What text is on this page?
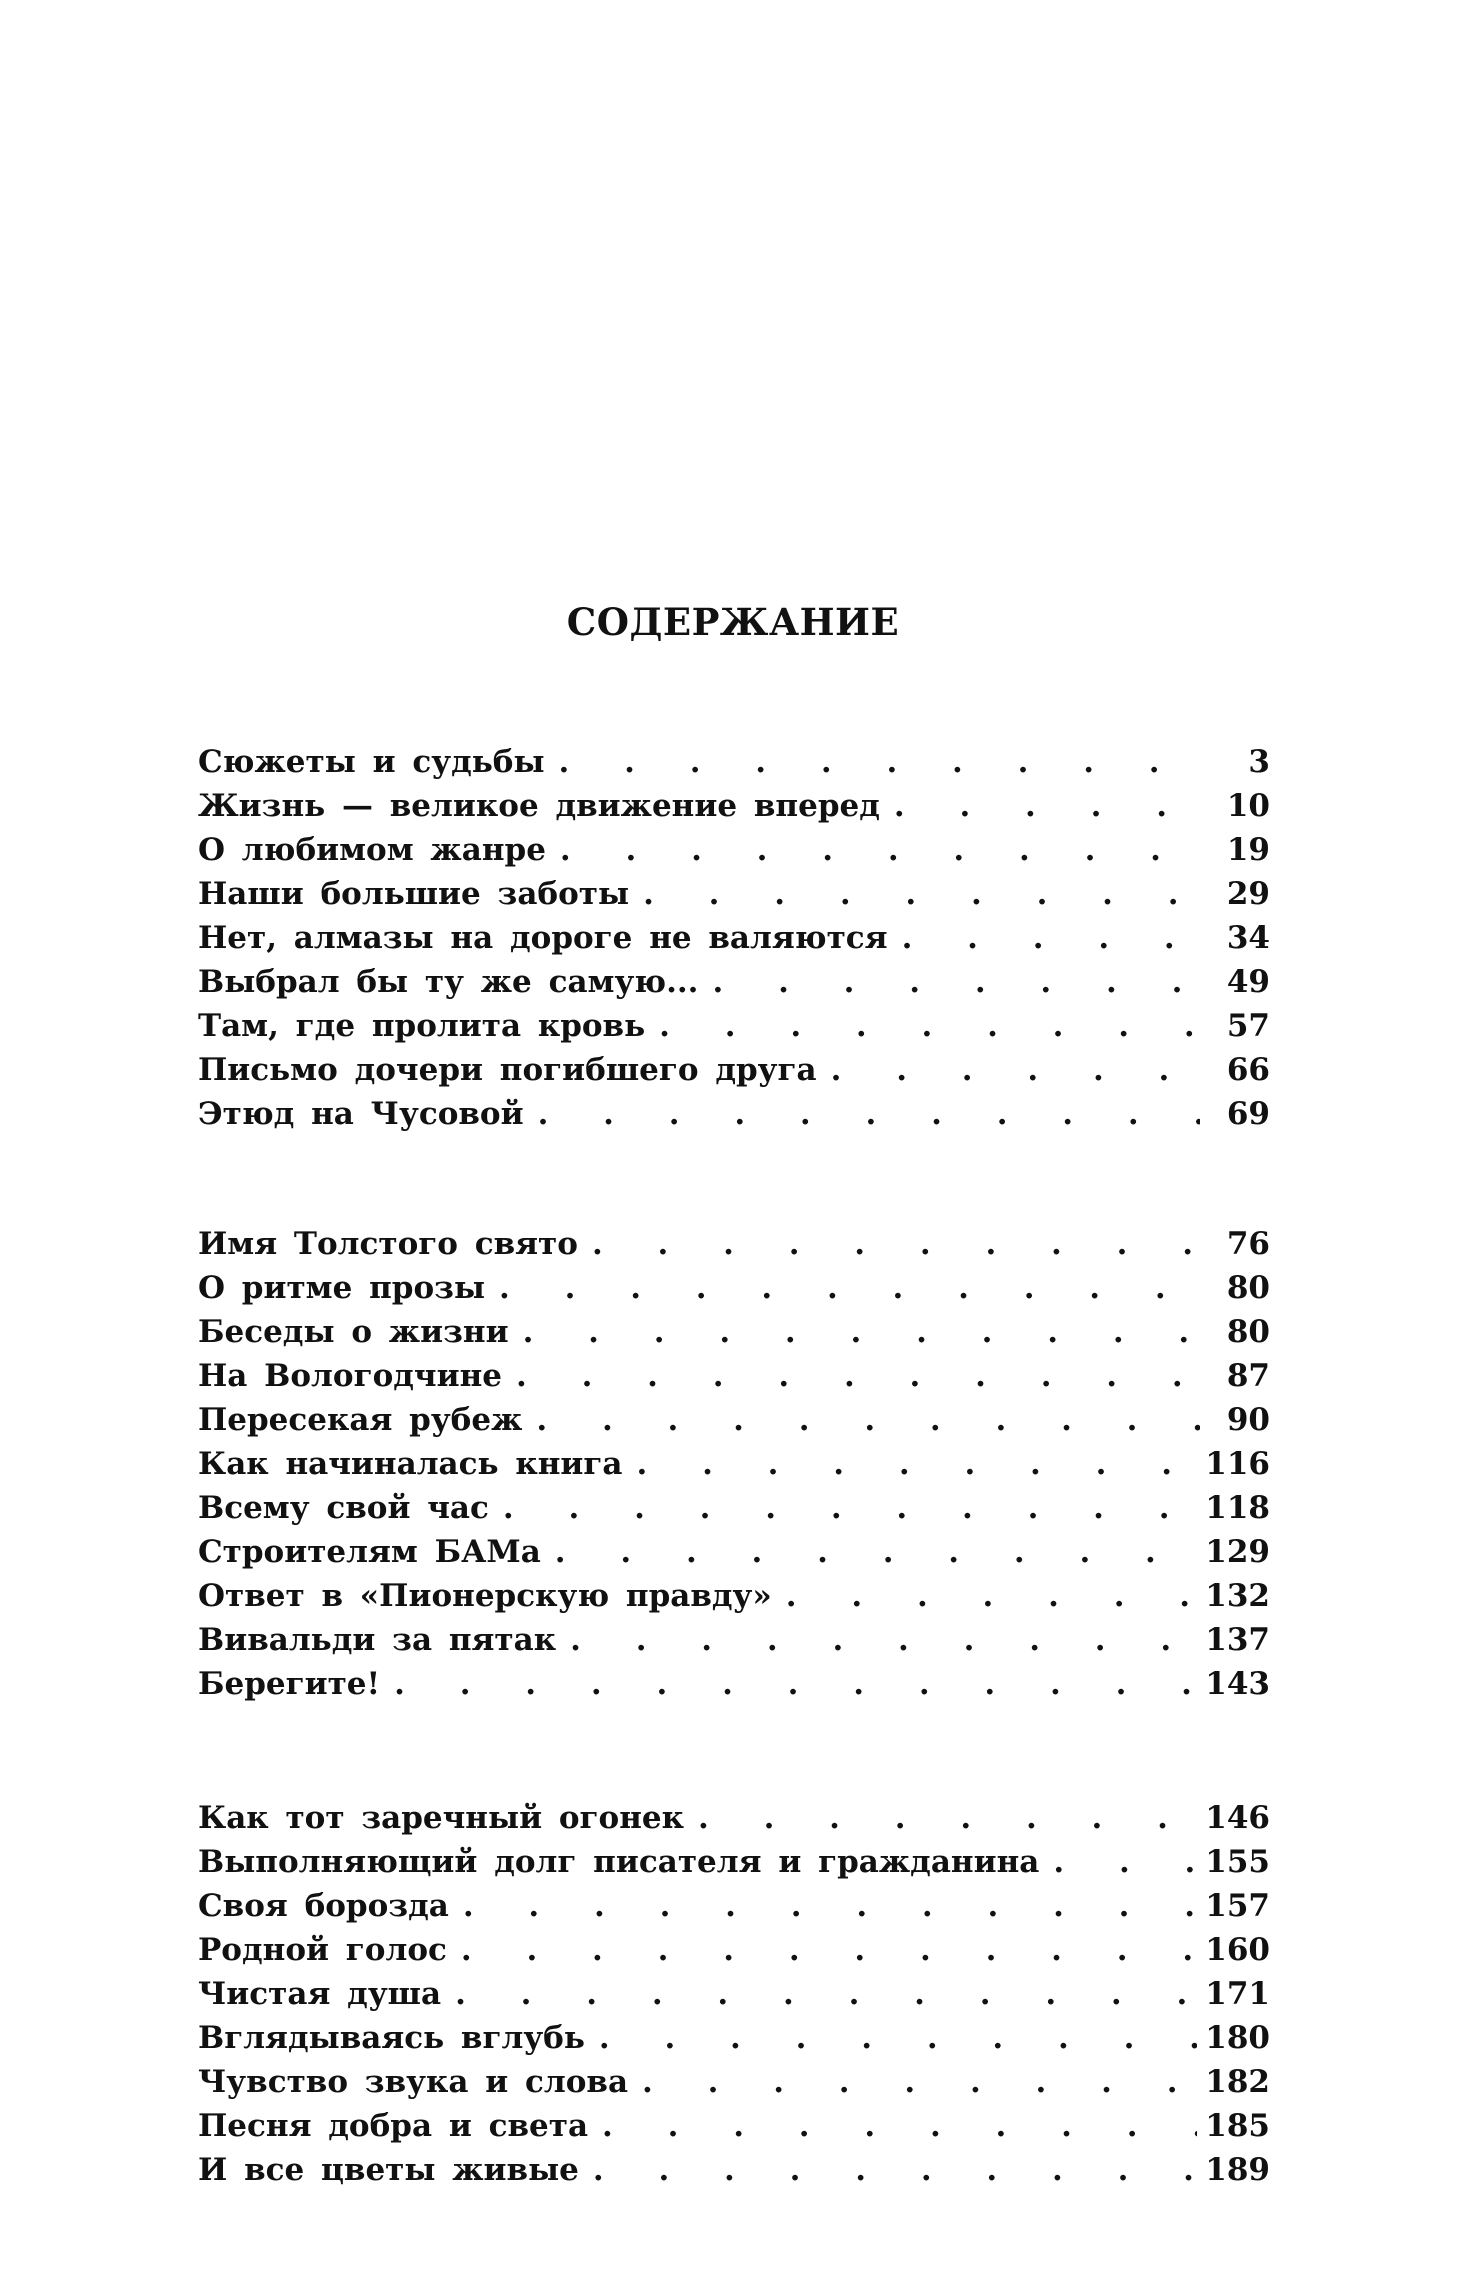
СОДЕРЖАНИЕ
Сюжеты и судьбы . . .	3
Жизнь — великое движение вперед . . .	10
О любимом жанре . . .	19
Наши большие заботы . . .	29
Нет, алмазы на дороге не валяются . . .	34
Выбрал бы ту же самую... . . .	49
Там, где пролита кровь . . .	57
Письмо дочери погибшего друга . . .	66
Этюд на Чусовой . . .	69
Имя Толстого свято . . .	76
О ритме прозы . . .	80
Беседы о жизни . . .	80
На Вологодчине . . .	87
Пересекая рубеж . . .	90
Как начиналась книга . . .	116
Всему свой час . . .	118
Строителям БАМа . . .	129
Ответ в «Пионерскую правду» . . .	132
Вивальди за пятак . . .	137
Берегите! . . .	143
Как тот заречный огонек . . .	146
Выполняющий долг писателя и гражданина . . .	155
Своя борозда . . .	157
Родной голос . . .	160
Чистая душа . . .	171
Вглядываясь вглубь . . .	180
Чувство звука и слова . . .	182
Песня добра и света . . .	185
И все цветы живые . . .	189
